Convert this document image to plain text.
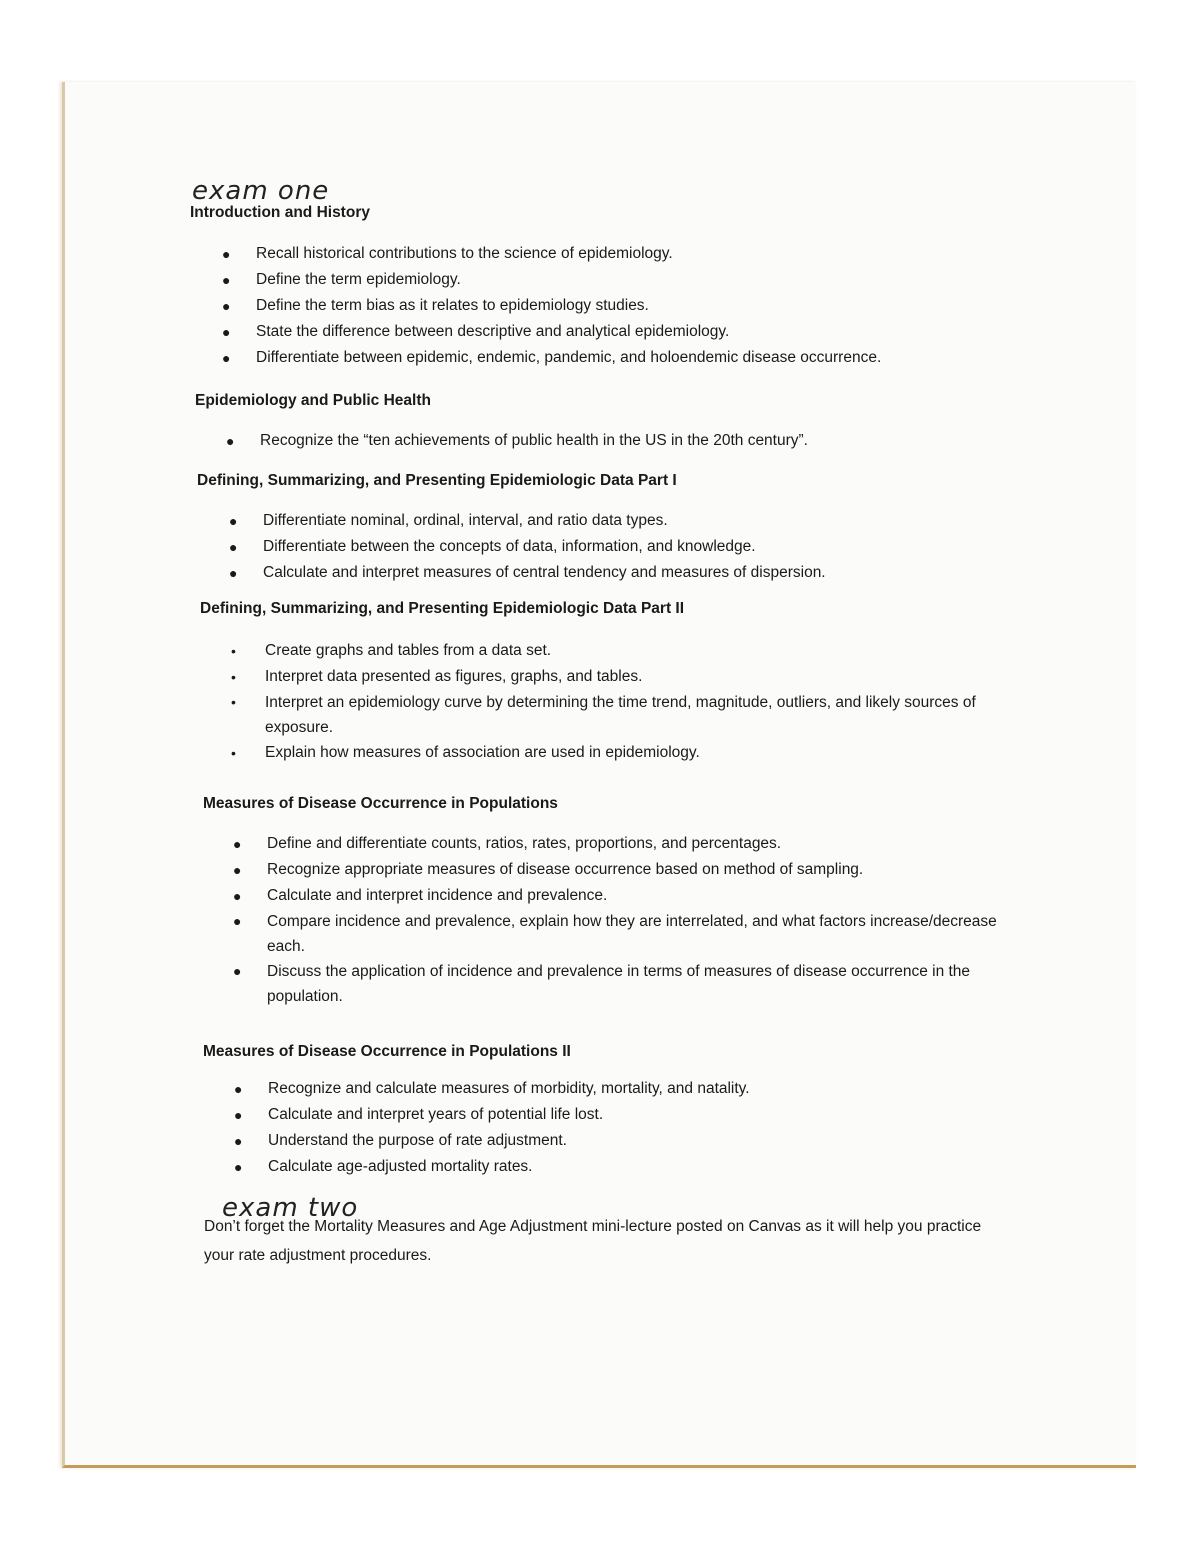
exam one
Introduction and History
● Recall historical contributions to the science of epidemiology.
● Define the term epidemiology.
● Define the term bias as it relates to epidemiology studies.
● State the difference between descriptive and analytical epidemiology.
● Differentiate between epidemic, endemic, pandemic, and holoendemic disease occurrence.
Epidemiology and Public Health
● Recognize the “ten achievements of public health in the US in the 20th century”.
Defining, Summarizing, and Presenting Epidemiologic Data Part I
● Differentiate nominal, ordinal, interval, and ratio data types.
● Differentiate between the concepts of data, information, and knowledge.
● Calculate and interpret measures of central tendency and measures of dispersion.
Defining, Summarizing, and Presenting Epidemiologic Data Part II
• Create graphs and tables from a data set.
• Interpret data presented as figures, graphs, and tables.
• Interpret an epidemiology curve by determining the time trend, magnitude, outliers, and likely sources of exposure.
• Explain how measures of association are used in epidemiology.
Measures of Disease Occurrence in Populations
● Define and differentiate counts, ratios, rates, proportions, and percentages.
● Recognize appropriate measures of disease occurrence based on method of sampling.
● Calculate and interpret incidence and prevalence.
● Compare incidence and prevalence, explain how they are interrelated, and what factors increase/decrease each.
● Discuss the application of incidence and prevalence in terms of measures of disease occurrence in the population.
Measures of Disease Occurrence in Populations II
● Recognize and calculate measures of morbidity, mortality, and natality.
● Calculate and interpret years of potential life lost.
● Understand the purpose of rate adjustment.
● Calculate age-adjusted mortality rates.
exam two
Don’t forget the Mortality Measures and Age Adjustment mini-lecture posted on Canvas as it will help you practice your rate adjustment procedures.
